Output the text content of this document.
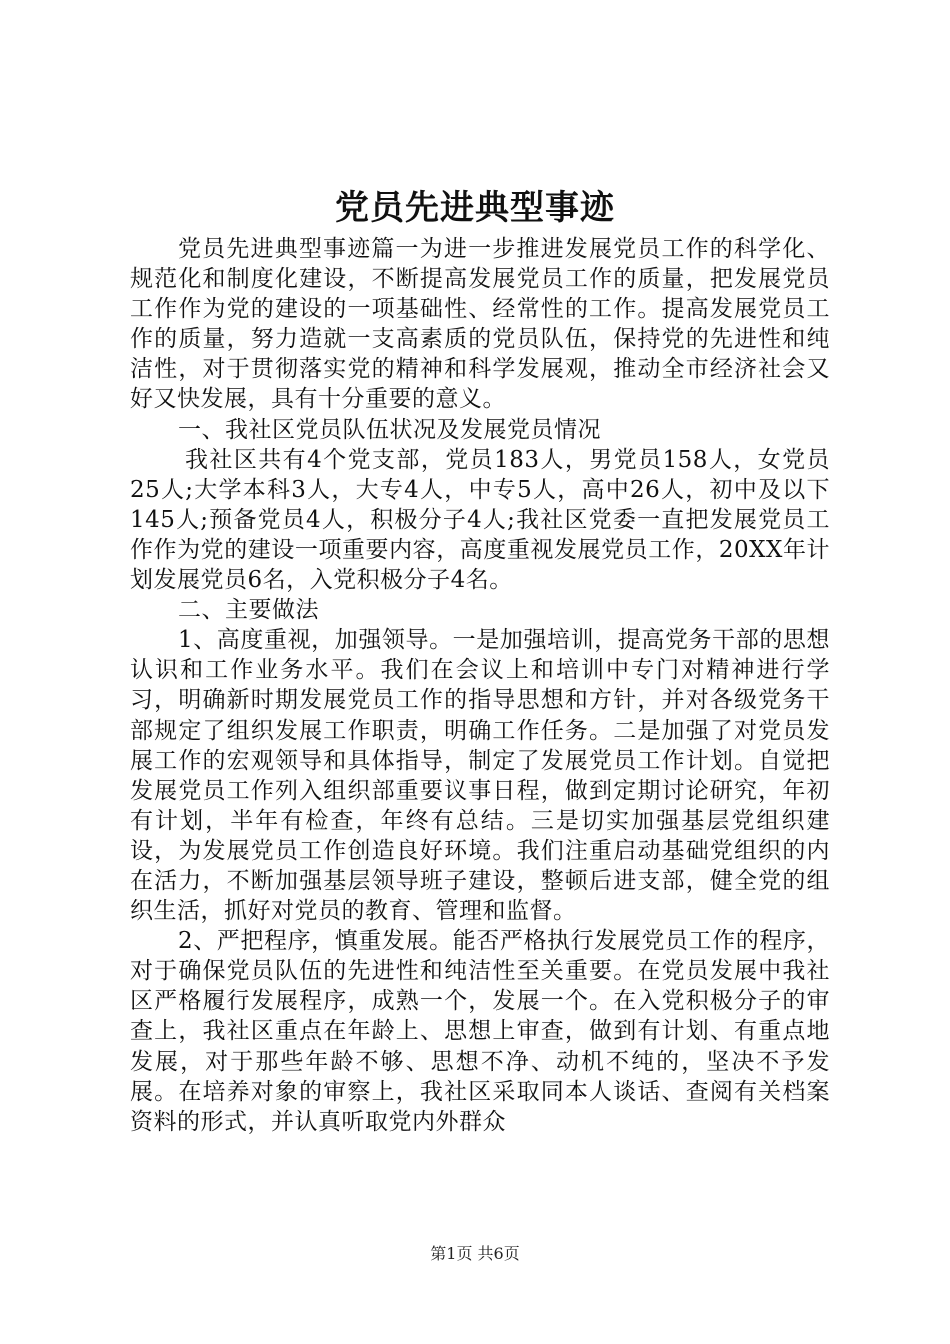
党员先进典型事迹

党员先进典型事迹篇一为进一步推进发展党员工作的科学化、规范化和制度化建设，不断提高发展党员工作的质量，把发展党员工作作为党的建设的一项基础性、经常性的工作。提高发展党员工作的质量，努力造就一支高素质的党员队伍，保持党的先进性和纯洁性，对于贯彻落实党的精神和科学发展观，推动全市经济社会又好又快发展，具有十分重要的意义。

一、我社区党员队伍状况及发展党员情况

我社区共有4个党支部，党员183人，男党员158人，女党员25人;大学本科3人，大专4人，中专5人，高中26人，初中及以下145人;预备党员4人，积极分子4人;我社区党委一直把发展党员工作作为党的建设一项重要内容，高度重视发展党员工作，20XX年计划发展党员6名，入党积极分子4名。

二、主要做法

1、高度重视，加强领导。一是加强培训，提高党务干部的思想认识和工作业务水平。我们在会议上和培训中专门对精神进行学习，明确新时期发展党员工作的指导思想和方针，并对各级党务干部规定了组织发展工作职责，明确工作任务。二是加强了对党员发展工作的宏观领导和具体指导，制定了发展党员工作计划。自觉把发展党员工作列入组织部重要议事日程，做到定期讨论研究，年初有计划，半年有检查，年终有总结。三是切实加强基层党组织建设，为发展党员工作创造良好环境。我们注重启动基础党组织的内在活力，不断加强基层领导班子建设，整顿后进支部，健全党的组织生活，抓好对党员的教育、管理和监督。

2、严把程序，慎重发展。能否严格执行发展党员工作的程序，对于确保党员队伍的先进性和纯洁性至关重要。在党员发展中我社区严格履行发展程序，成熟一个，发展一个。在入党积极分子的审查上，我社区重点在年龄上、思想上审查，做到有计划、有重点地发展，对于那些年龄不够、思想不净、动机不纯的，坚决不予发展。在培养对象的审察上，我社区采取同本人谈话、查阅有关档案资料的形式，并认真听取党内外群众

第1页 共6页
